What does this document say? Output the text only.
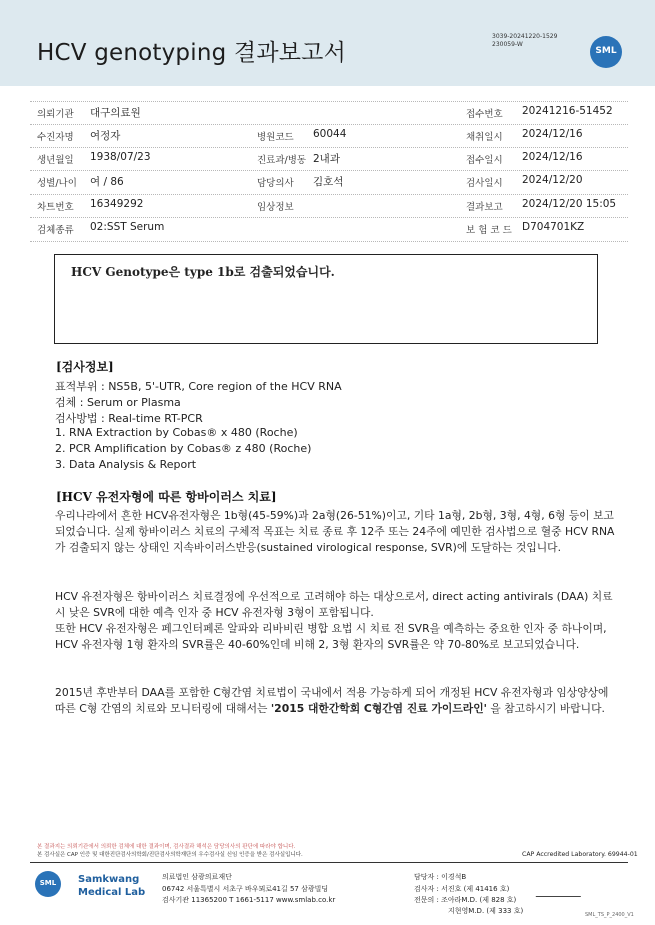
HCV genotyping 결과보고서
3039-20241220-1529
230059-W
SML
의뢰기관 대구의료원	접수번호 20241216-51452
수진자명 여정자	병원코드 60044	채취일시 2024/12/16
생년월일 1938/07/23	진료과/병동 2내과	접수일시 2024/12/16
성별/나이 여 / 86	담당의사 김호석	검사일시 2024/12/20
차트번호 16349292	임상정보	결과보고 2024/12/20 15:05
검체종류 02:SST Serum	보 험 코 드 D704701KZ
HCV Genotype은 type 1b로 검출되었습니다.
[검사정보]
표적부위 : NS5B, 5'-UTR, Core region of the HCV RNA
검체 : Serum or Plasma
검사방법 : Real-time RT-PCR
1. RNA Extraction by Cobas® x 480 (Roche)
2. PCR Amplification by Cobas® z 480 (Roche)
3. Data Analysis & Report
[HCV 유전자형에 따른 항바이러스 치료]
우리나라에서 흔한 HCV유전자형은 1b형(45-59%)과 2a형(26-51%)이고, 기타 1a형, 2b형, 3형, 4형, 6형 등이 보고되었습니다. 실제 항바이러스 치료의 구체적 목표는 치료 종료 후 12주 또는 24주에 예민한 검사법으로 혈중 HCV RNA가 검출되지 않는 상태인 지속바이러스반응(sustained virological response, SVR)에 도달하는 것입니다.
HCV 유전자형은 항바이러스 치료결정에 우선적으로 고려해야 하는 대상으로서, direct acting antivirals (DAA) 치료 시 낮은 SVR에 대한 예측 인자 중 HCV 유전자형 3형이 포함됩니다.
또한 HCV 유전자형은 페그인터페론 알파와 리바비린 병합 요법 시 치료 전 SVR을 예측하는 중요한 인자 중 하나이며, HCV 유전자형 1형 환자의 SVR률은 40-60%인데 비해 2, 3형 환자의 SVR률은 약 70-80%로 보고되었습니다.
2015년 후반부터 DAA를 포함한 C형간염 치료법이 국내에서 적용 가능하게 되어 개정된 HCV 유전자형과 임상양상에따른 C형 간염의 치료와 모니터링에 대해서는 '2015 대한간학회 C형간염 진료 가이드라인' 을 참고하시기 바랍니다.
본 결과지는 의뢰기관에서 의뢰한 검체에 대한 결과이며, 검사결과 해석은 담당의사의 판단에 따라야 합니다.
본 검사실은 CAP 인증 및 대한진단검사의학회/진단검사의학재단의 우수검사실 신임 인증을 받은 검사실입니다.	CAP Accredited Laboratory. 69944-01
SML	Samkwang
Medical Lab
의료법인 삼광의료재단
06742 서울특별시 서초구 바우뫼로41길 57 삼광빌딩
검사기관 11365200 T 1661-5117 www.smlab.co.kr
담당자 : 이경석B
검사자 : 서진호 (제 41416 호)
전문의 : 조아라M.D. (제 828 호)
지현영M.D. (제 333 호)	SML_TS_P_2400_V1
